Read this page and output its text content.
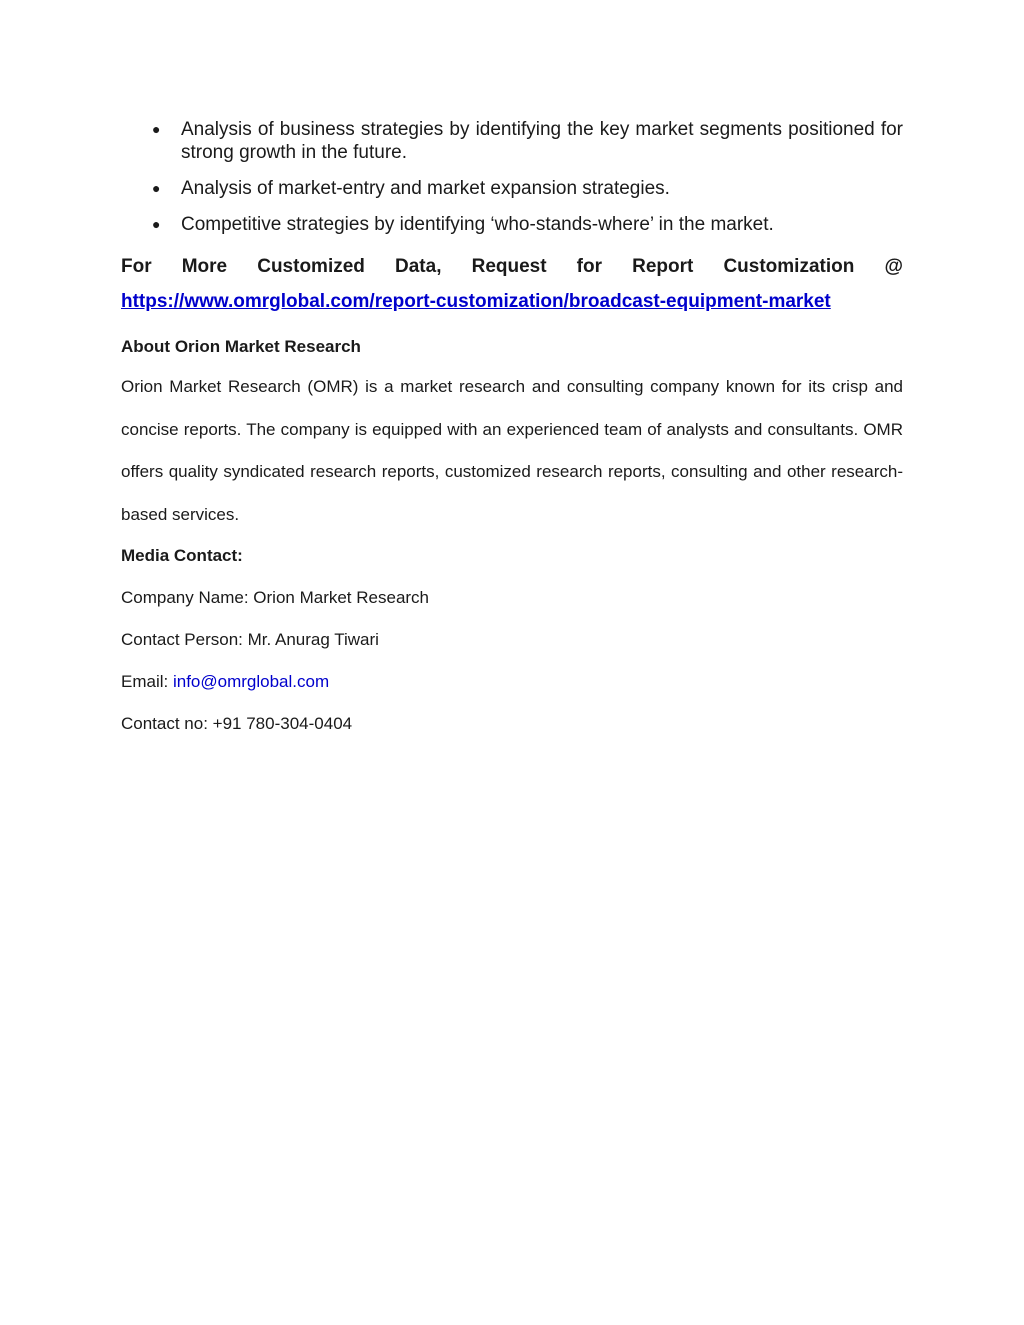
● Analysis of business strategies by identifying the key market segments positioned for strong growth in the future.
● Analysis of market-entry and market expansion strategies.
● Competitive strategies by identifying ‘who-stands-where’ in the market.
For More Customized Data, Request for Report Customization @
https://www.omrglobal.com/report-customization/broadcast-equipment-market
About Orion Market Research
Orion Market Research (OMR) is a market research and consulting company known for its crisp and concise reports. The company is equipped with an experienced team of analysts and consultants. OMR offers quality syndicated research reports, customized research reports, consulting and other research-based services.
Media Contact:
Company Name: Orion Market Research
Contact Person: Mr. Anurag Tiwari
Email: info@omrglobal.com
Contact no: +91 780-304-0404
